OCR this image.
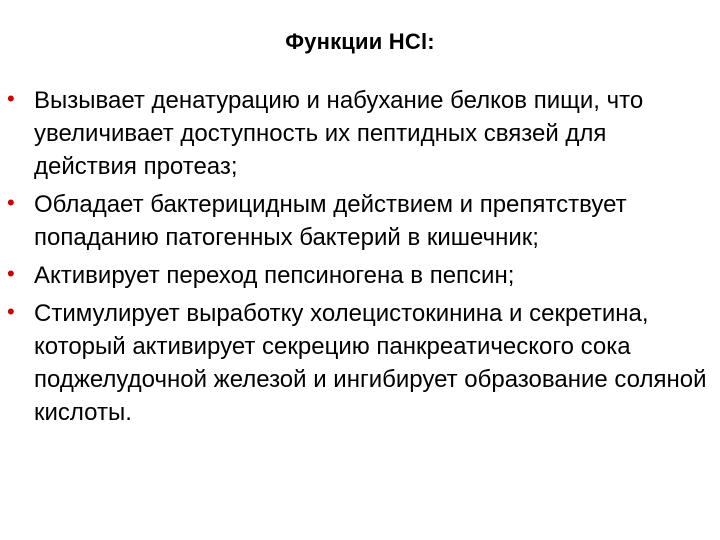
Функции HCl:
• Вызывает денатурацию и набухание белков пищи, что увеличивает доступность их пептидных связей для действия протеаз;
• Обладает бактерицидным действием и препятствует попаданию патогенных бактерий в кишечник;
• Активирует переход пепсиногена в пепсин;
• Стимулирует выработку холецистокинина и секретина, который активирует секрецию панкреатического сока поджелудочной железой и ингибирует образование соляной кислоты.
